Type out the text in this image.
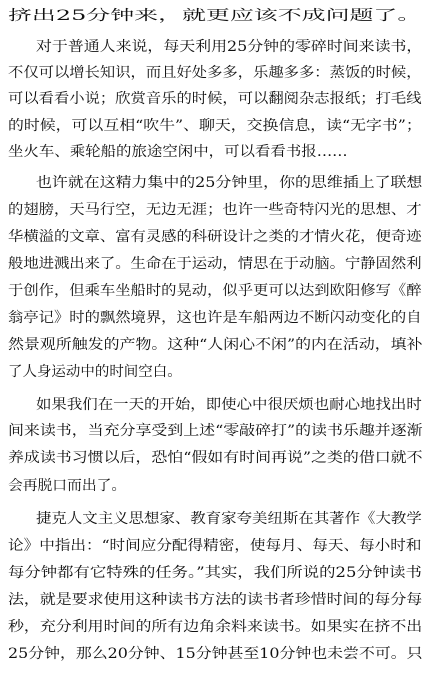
挤出25分钟来，就更应该不成问题了。
对于普通人来说，每天利用25分钟的零碎时间来读书，
不仅可以增长知识，而且好处多多，乐趣多多：蒸饭的时候，
可以看看小说；欣赏音乐的时候，可以翻阅杂志报纸；打毛线
的时候，可以互相“吹牛”、聊天，交换信息，读“无字书”；
坐火车、乘轮船的旅途空闲中，可以看看书报……
也许就在这精力集中的25分钟里，你的思维插上了联想
的翅膀，天马行空，无边无涯；也许一些奇特闪光的思想、才
华横溢的文章、富有灵感的科研设计之类的才情火花，便奇迹
般地进溅出来了。生命在于运动，情思在于动脑。宁静固然利
于创作，但乘车坐船时的晃动，似乎更可以达到欧阳修写《醉
翁亭记》时的飘然境界，这也许是车船两边不断闪动变化的自
然景观所触发的产物。这种“人闲心不闲”的内在活动，填补
了人身运动中的时间空白。
如果我们在一天的开始，即使心中很厌烦也耐心地找出时
间来读书，当充分享受到上述“零敲碎打”的读书乐趣并逐渐
养成读书习惯以后，恐怕“假如有时间再说”之类的借口就不
会再脱口而出了。
捷克人文主义思想家、教育家夸美纽斯在其著作《大教学
论》中指出：“时间应分配得精密，使每月、每天、每小时和
每分钟都有它特殊的任务。”其实，我们所说的25分钟读书
法，就是要求使用这种读书方法的读书者珍惜时间的每分每
秒，充分利用时间的所有边角余料来读书。如果实在挤不出
25分钟，那么20分钟、15分钟甚至10分钟也未尝不可。只
